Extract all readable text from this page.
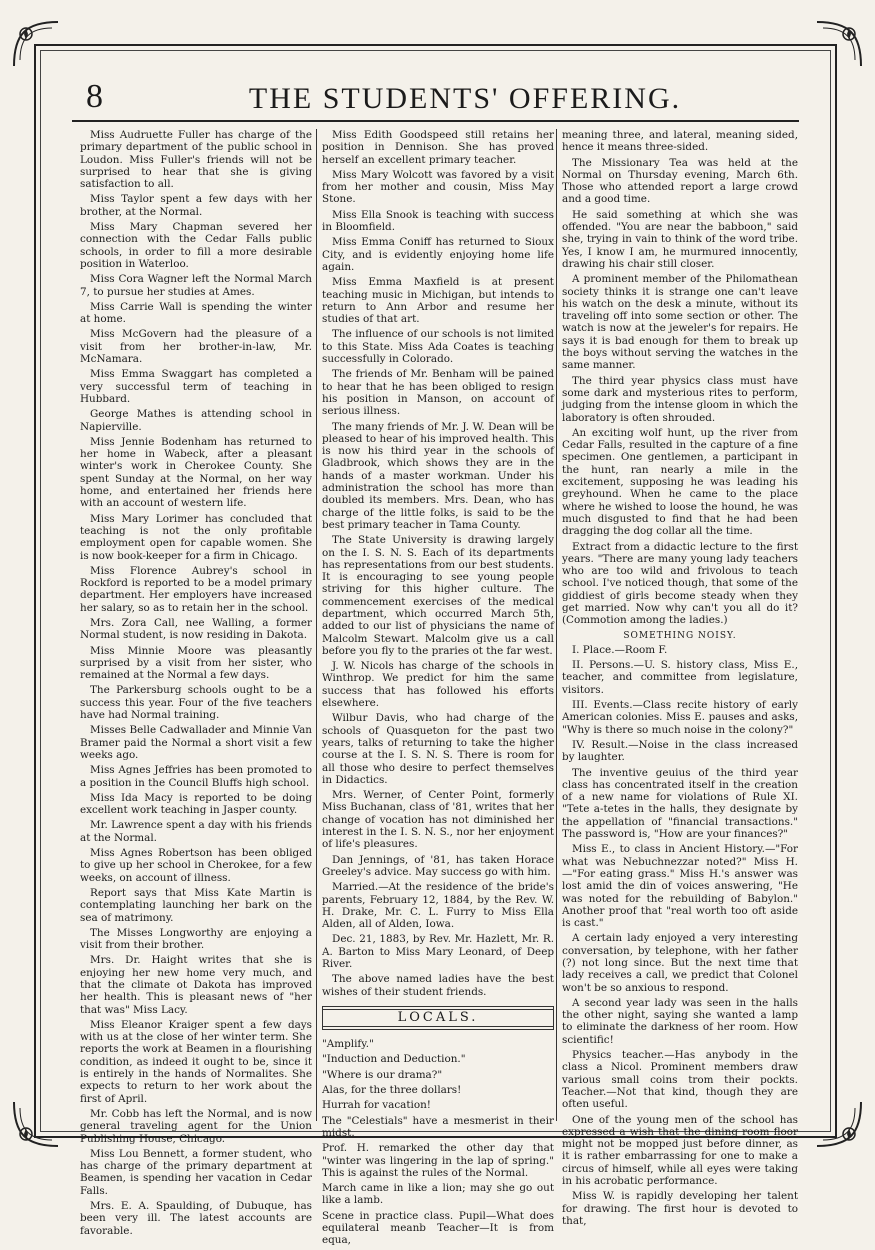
8	THE STUDENTS' OFFERING.

Miss Audruette Fuller has charge of the primary department of the public school in Loudon. Miss Fuller's friends will not be surprised to hear that she is giving satisfaction to all.

Miss Taylor spent a few days with her brother, at the Normal.

Miss Mary Chapman severed her connection with the Cedar Falls public schools, in order to fill a more desirable position in Waterloo.

Miss Cora Wagner left the Normal March 7, to pursue her studies at Ames.

Miss Carrie Wall is spending the winter at home.

Miss McGovern had the pleasure of a visit from her brother-in-law, Mr. McNamara.

Miss Emma Swaggart has completed a very successful term of teaching in Hubbard.

George Mathes is attending school in Napierville.

Miss Jennie Bodenham has returned to her home in Wabeck, after a pleasant winter's work in Cherokee County. She spent Sunday at the Normal, on her way home, and entertained her friends here with an account of western life.

Miss Mary Lorimer has concluded that teaching is not the only profitable employment open for capable women. She is now book-keeper for a firm in Chicago.

Miss Florence Aubrey's school in Rockford is reported to be a model primary department. Her employers have increased her salary, so as to retain her in the school.

Mrs. Zora Call, nee Walling, a former Normal student, is now residing in Dakota.

Miss Minnie Moore was pleasantly surprised by a visit from her sister, who remained at the Normal a few days.

The Parkersburg schools ought to be a success this year. Four of the five teachers have had Normal training.

Misses Belle Cadwallader and Minnie Van Bramer paid the Normal a short visit a few weeks ago.

Miss Agnes Jeffries has been promoted to a position in the Council Bluffs high school.

Miss Ida Macy is reported to be doing excellent work teaching in Jasper county.

Mr. Lawrence spent a day with his friends at the Normal.

Miss Agnes Robertson has been obliged to give up her school in Cherokee, for a few weeks, on account of illness.

Report says that Miss Kate Martin is contemplating launching her bark on the sea of matrimony.

The Misses Longworthy are enjoying a visit from their brother.

Mrs. Dr. Haight writes that she is enjoying her new home very much, and that the climate ot Dakota has improved her health. This is pleasant news of "her that was" Miss Lacy.

Miss Eleanor Kraiger spent a few days with us at the close of her winter term. She reports the work at Beamen in a flourishing condition, as indeed it ought to be, since it is entirely in the hands of Normalites. She expects to return to her work about the first of April.

Mr. Cobb has left the Normal, and is now general traveling agent for the Union Publishing House, Chicago.

Miss Lou Bennett, a former student, who has charge of the primary department at Beamen, is spending her vacation in Cedar Falls.

Mrs. E. A. Spaulding, of Dubuque, has been very ill. The latest accounts are favorable.

Miss Edith Goodspeed still retains her position in Dennison. She has proved herself an excellent primary teacher.

Miss Mary Wolcott was favored by a visit from her mother and cousin, Miss May Stone.

Miss Ella Snook is teaching with success in Bloomfield.

Miss Emma Coniff has returned to Sioux City, and is evidently enjoying home life again.

Miss Emma Maxfield is at present teaching music in Michigan, but intends to return to Ann Arbor and resume her studies of that art.

The influence of our schools is not limited to this State. Miss Ada Coates is teaching successfully in Colorado.

The friends of Mr. Benham will be pained to hear that he has been obliged to resign his position in Manson, on account of serious illness.

The many friends of Mr. J. W. Dean will be pleased to hear of his improved health. This is now his third year in the schools of Gladbrook, which shows they are in the hands of a master workman. Under his administration the school has more than doubled its members. Mrs. Dean, who has charge of the little folks, is said to be the best primary teacher in Tama County.

The State University is drawing largely on the I. S. N. S. Each of its departments has representations from our best students. It is encouraging to see young people striving for this higher culture. The commencement exercises of the medical department, which occurred March 5th, added to our list of physicians the name of Malcolm Stewart. Malcolm give us a call before you fly to the praries ot the far west.

J. W. Nicols has charge of the schools in Winthrop. We predict for him the same success that has followed his efforts elsewhere.

Wilbur Davis, who had charge of the schools of Quasqueton for the past two years, talks of returning to take the higher course at the I. S. N. S. There is room for all those who desire to perfect themselves in Didactics.

Mrs. Werner, of Center Point, formerly Miss Buchanan, class of '81, writes that her change of vocation has not diminished her interest in the I. S. N. S., nor her enjoyment of life's pleasures.

Dan Jennings, of '81, has taken Horace Greeley's advice. May success go with him.

Married.—At the residence of the bride's parents, February 12, 1884, by the Rev. W. H. Drake, Mr. C. L. Furry to Miss Ella Alden, all of Alden, Iowa.

Dec. 21, 1883, by Rev. Mr. Hazlett, Mr. R. A. Barton to Miss Mary Leonard, of Deep River.

The above named ladies have the best wishes of their student friends.

LOCALS.

"Amplify."

"Induction and Deduction."

"Where is our drama?"

Alas, for the three dollars!

Hurrah for vacation!

The "Celestials" have a mesmerist in their midst.

Prof. H. remarked the other day that "winter was lingering in the lap of spring." This is against the rules of the Normal.

March came in like a lion; may she go out like a lamb.

Scene in practice class. Pupil—What does equilateral meanb Teacher—It is from equa,

meaning three, and lateral, meaning sided, hence it means three-sided.

The Missionary Tea was held at the Normal on Thursday evening, March 6th. Those who attended report a large crowd and a good time.

He said something at which she was offended. "You are near the babboon," said she, trying in vain to think of the word tribe. Yes, I know I am, he murmured innocently, drawing his chair still closer.

A prominent member of the Philomathean society thinks it is strange one can't leave his watch on the desk a minute, without its traveling off into some section or other. The watch is now at the jeweler's for repairs. He says it is bad enough for them to break up the boys without serving the watches in the same manner.

The third year physics class must have some dark and mysterious rites to perform, judging from the intense gloom in which the laboratory is often shrouded.

An exciting wolf hunt, up the river from Cedar Falls, resulted in the capture of a fine specimen. One gentlemen, a participant in the hunt, ran nearly a mile in the excitement, supposing he was leading his greyhound. When he came to the place where he wished to loose the hound, he was much disgusted to find that he had been dragging the dog collar all the time.

Extract from a didactic lecture to the first years. "There are many young lady teachers who are too wild and frivolous to teach school. I've noticed though, that some of the giddiest of girls become steady when they get married. Now why can't you all do it? (Commotion among the ladies.)

SOMETHING NOISY.

I. Place.—Room F.

II. Persons.—U. S. history class, Miss E., teacher, and committee from legislature, visitors.

III. Events.—Class recite history of early American colonies. Miss E. pauses and asks, "Why is there so much noise in the colony?"

IV. Result.—Noise in the class increased by laughter.

The inventive geuius of the third year class has concentrated itself in the creation of a new name for violations of Rule XI. "Tete a-tetes in the halls, they designate by the appellation of "financial transactions." The password is, "How are your finances?"

Miss E., to class in Ancient History.—"For what was Nebuchnezzar noted?" Miss H.—"For eating grass." Miss H.'s answer was lost amid the din of voices answering, "He was noted for the rebuilding of Babylon." Another proof that "real worth too oft aside is cast."

A certain lady enjoyed a very interesting conversation, by telephone, with her father (?) not long since. But the next time that lady receives a call, we predict that Colonel won't be so anxious to respond.

A second year lady was seen in the halls the other night, saying she wanted a lamp to eliminate the darkness of her room. How scientific!

Physics teacher.—Has anybody in the class a Nicol. Prominent members draw various small coins trom their pockts. Teacher.—Not that kind, though they are often useful.

One of the young men of the school has expressed a wish that the dining room floor might not be mopped just before dinner, as it is rather embarrassing for one to make a circus of himself, while all eyes were taking in his acrobatic performance.

Miss W. is rapidly developing her talent for drawing. The first hour is devoted to that,
